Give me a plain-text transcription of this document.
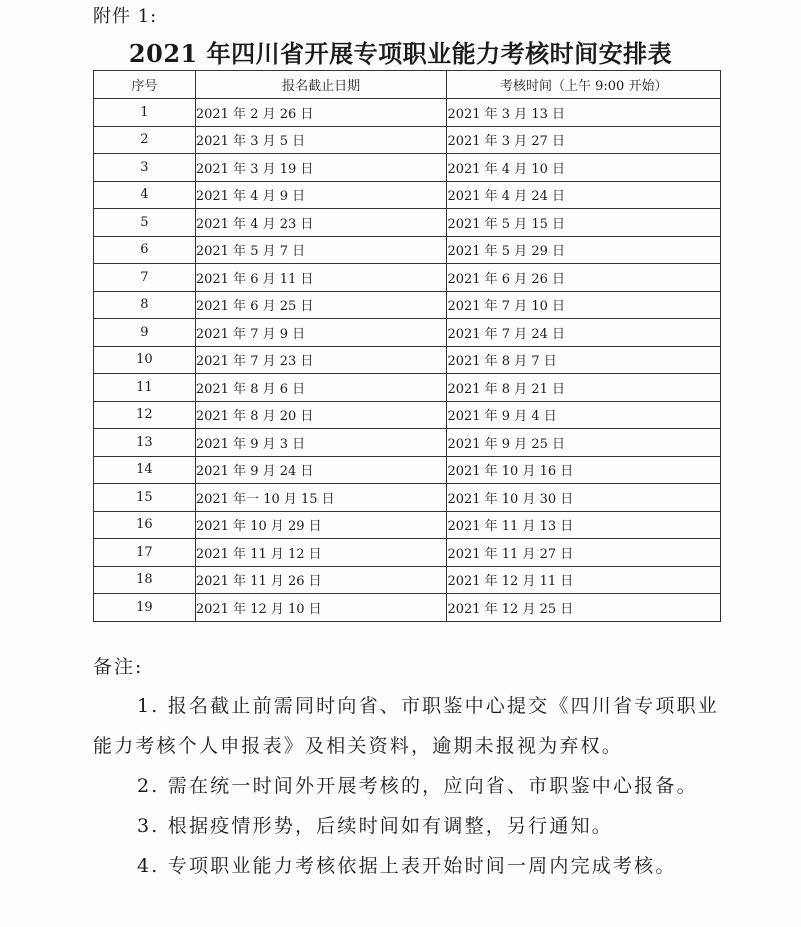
附件 1:
2021 年四川省开展专项职业能力考核时间安排表
序号	报名截止日期	考核时间（上午 9:00 开始）
1	2021 年 2 月 26 日	2021 年 3 月 13 日
2	2021 年 3 月 5 日	2021 年 3 月 27 日
3	2021 年 3 月 19 日	2021 年 4 月 10 日
4	2021 年 4 月 9 日	2021 年 4 月 24 日
5	2021 年 4 月 23 日	2021 年 5 月 15 日
6	2021 年 5 月 7 日	2021 年 5 月 29 日
7	2021 年 6 月 11 日	2021 年 6 月 26 日
8	2021 年 6 月 25 日	2021 年 7 月 10 日
9	2021 年 7 月 9 日	2021 年 7 月 24 日
10	2021 年 7 月 23 日	2021 年 8 月 7 日
11	2021 年 8 月 6 日	2021 年 8 月 21 日
12	2021 年 8 月 20 日	2021 年 9 月 4 日
13	2021 年 9 月 3 日	2021 年 9 月 25 日
14	2021 年 9 月 24 日	2021 年 10 月 16 日
15	2021 年一 10 月 15 日	2021 年 10 月 30 日
16	2021 年 10 月 29 日	2021 年 11 月 13 日
17	2021 年 11 月 12 日	2021 年 11 月 27 日
18	2021 年 11 月 26 日	2021 年 12 月 11 日
19	2021 年 12 月 10 日	2021 年 12 月 25 日
备注:
1. 报名截止前需同时向省、市职鉴中心提交《四川省专项职业能力考核个人申报表》及相关资料，逾期未报视为弃权。
2. 需在统一时间外开展考核的，应向省、市职鉴中心报备。
3. 根据疫情形势，后续时间如有调整，另行通知。
4. 专项职业能力考核依据上表开始时间一周内完成考核。
